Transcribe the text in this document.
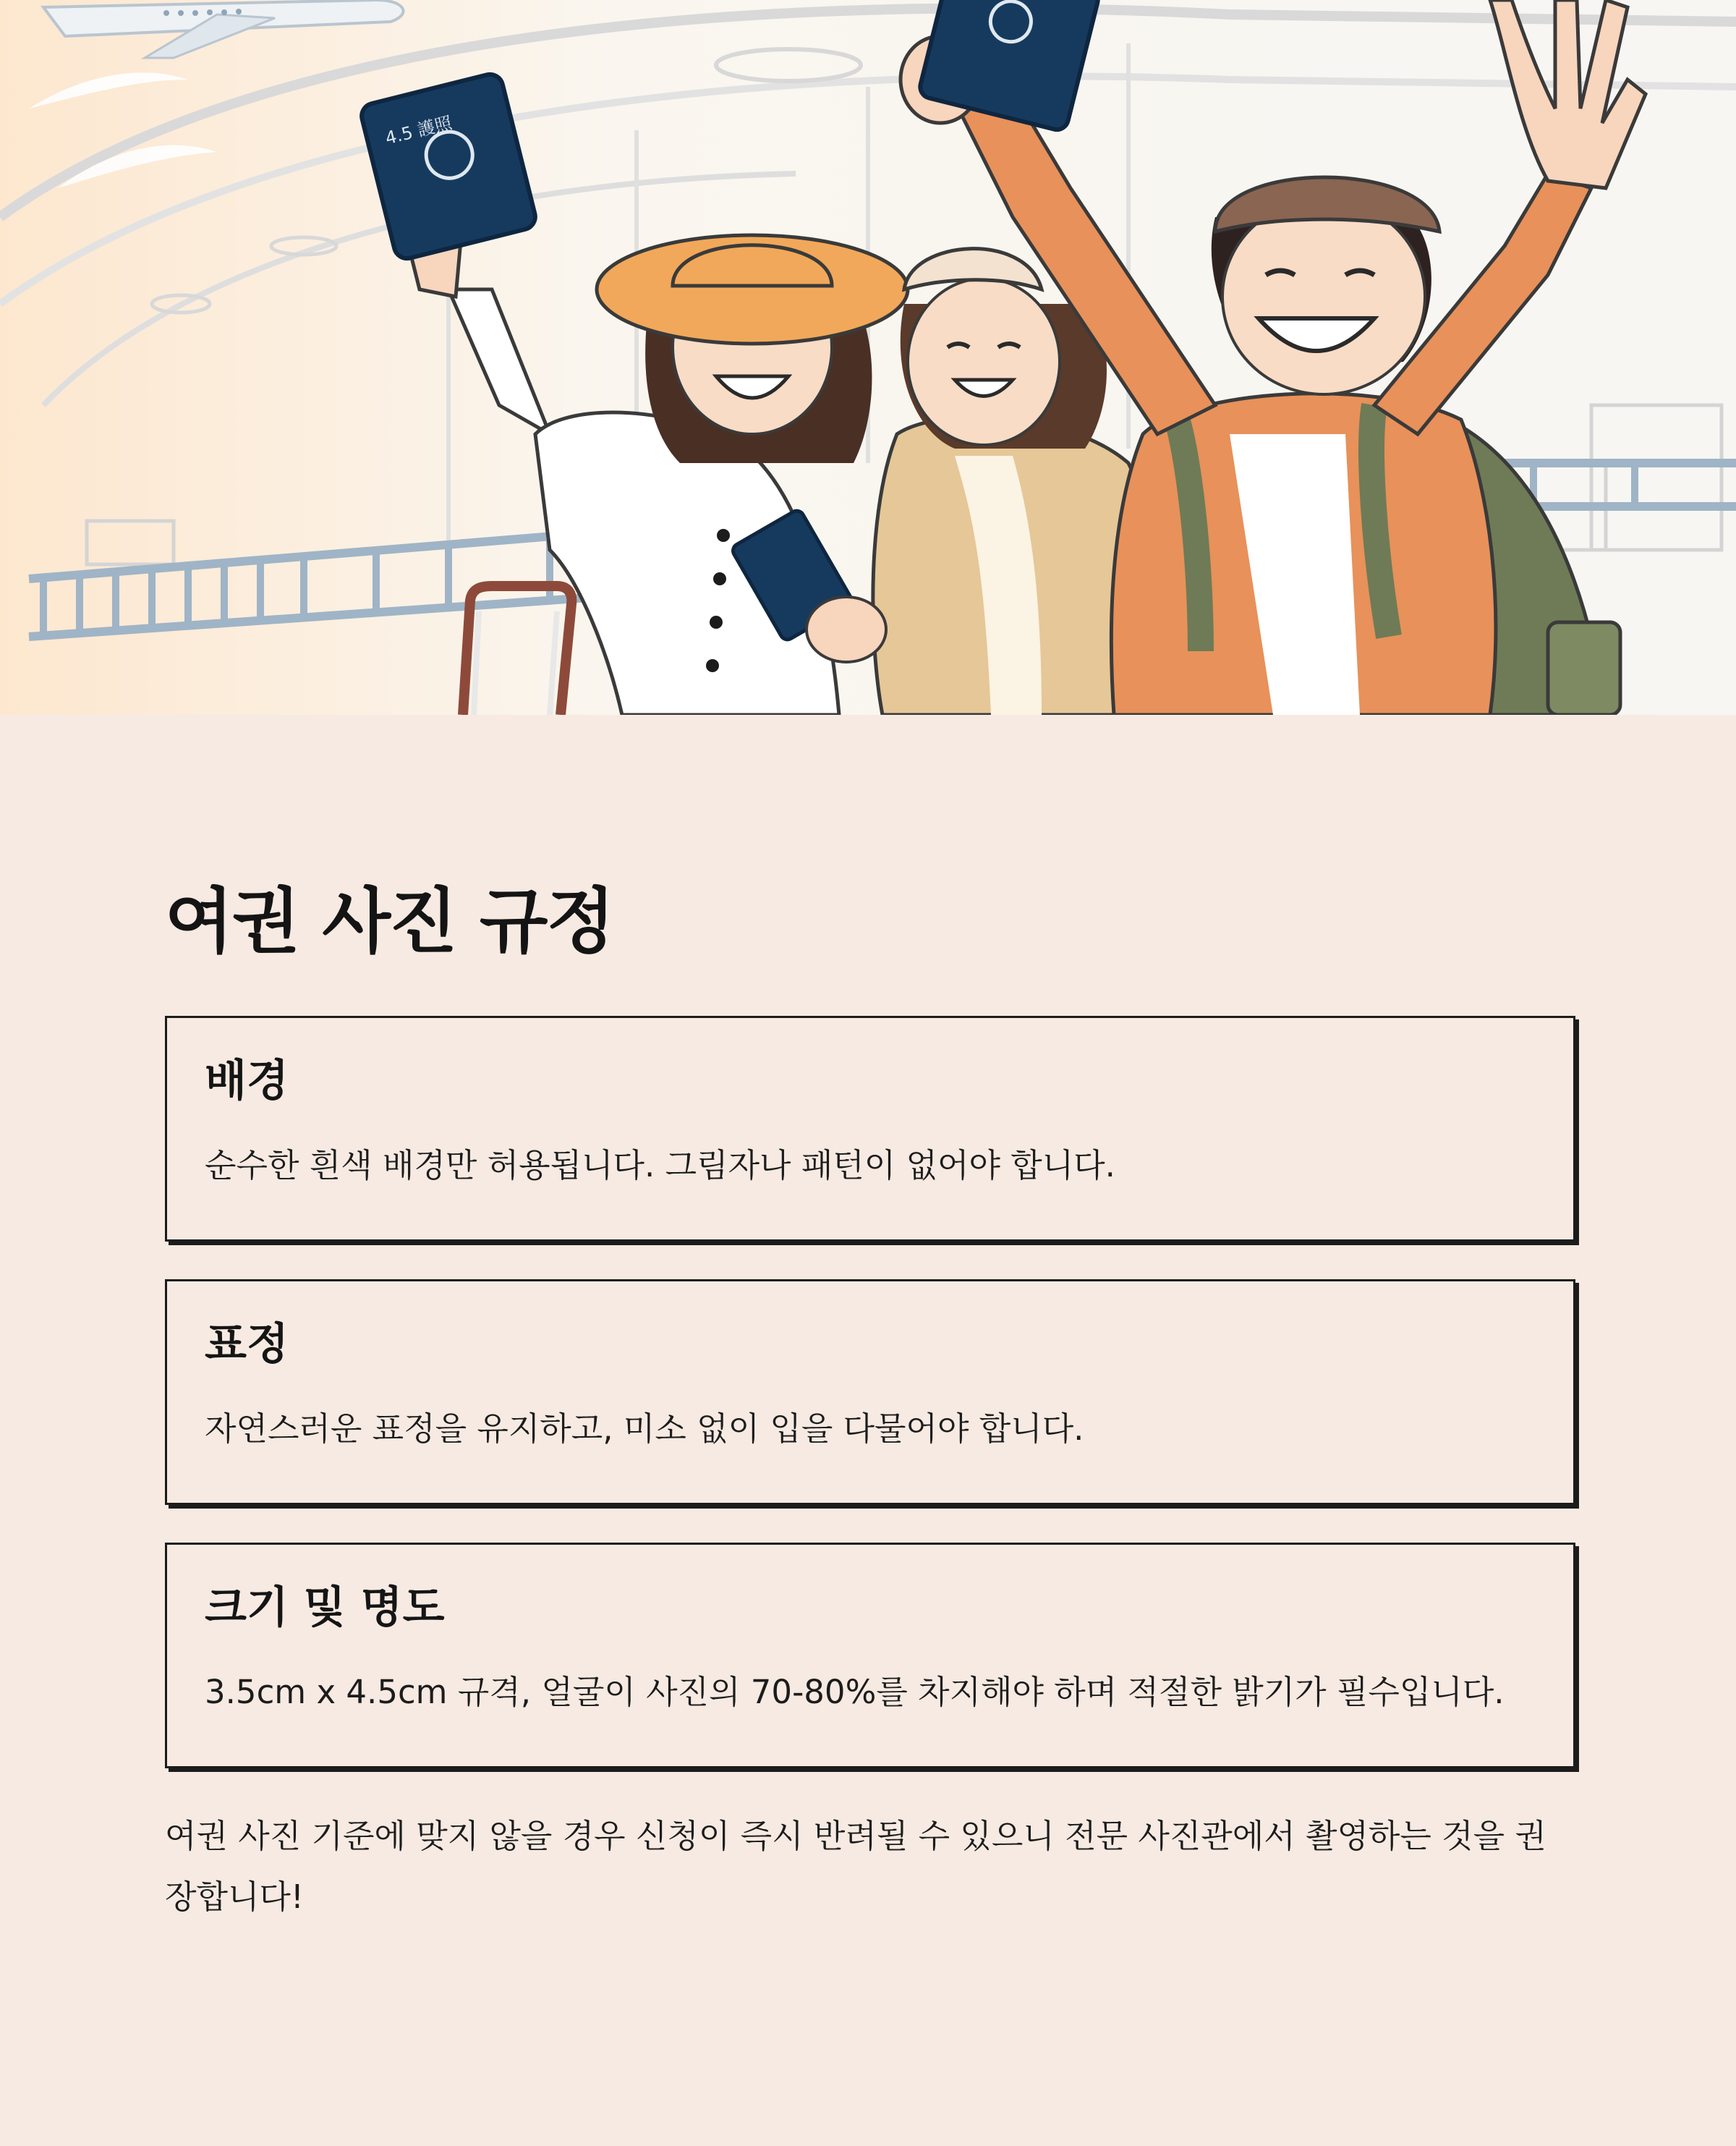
4.5 護照
여권 사진 규정
배경

순수한 흰색 배경만 허용됩니다. 그림자나 패턴이 없어야 합니다.

표정

자연스러운 표정을 유지하고, 미소 없이 입을 다물어야 합니다.

크기 및 명도

3.5cm x 4.5cm 규격, 얼굴이 사진의 70-80%를 차지해야 하며 적절한 밝기가 필수입니다.

여권 사진 기준에 맞지 않을 경우 신청이 즉시 반려될 수 있으니 전문 사진관에서 촬영하는 것을 권장합니다!
